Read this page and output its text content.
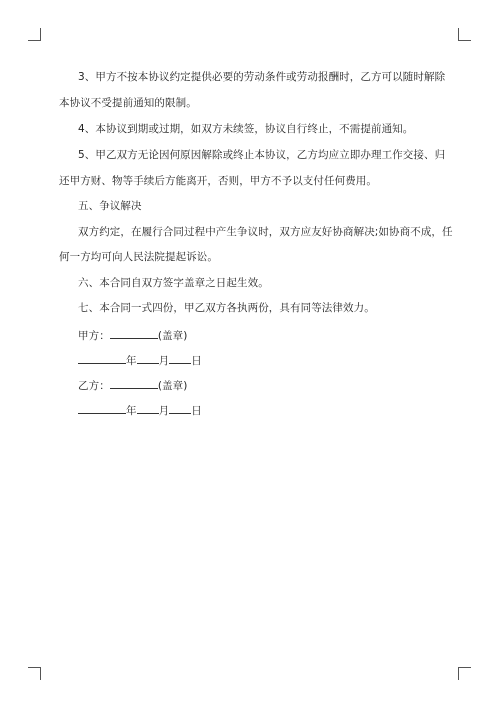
3、甲方不按本协议约定提供必要的劳动条件或劳动报酬时，乙方可以随时解除
本协议不受提前通知的限制。
4、本协议到期或过期，如双方未续签，协议自行终止，不需提前通知。
5、甲乙双方无论因何原因解除或终止本协议，乙方均应立即办理工作交接、归
还甲方财、物等手续后方能离开，否则，甲方不予以支付任何费用。
五、争议解决
双方约定，在履行合同过程中产生争议时，双方应友好协商解决;如协商不成，任
何一方均可向人民法院提起诉讼。
六、本合同自双方签字盖章之日起生效。
七、本合同一式四份，甲乙双方各执两份，具有同等法律效力。
甲方：	(盖章)
年 月 日
乙方：	(盖章)
年 月 日
